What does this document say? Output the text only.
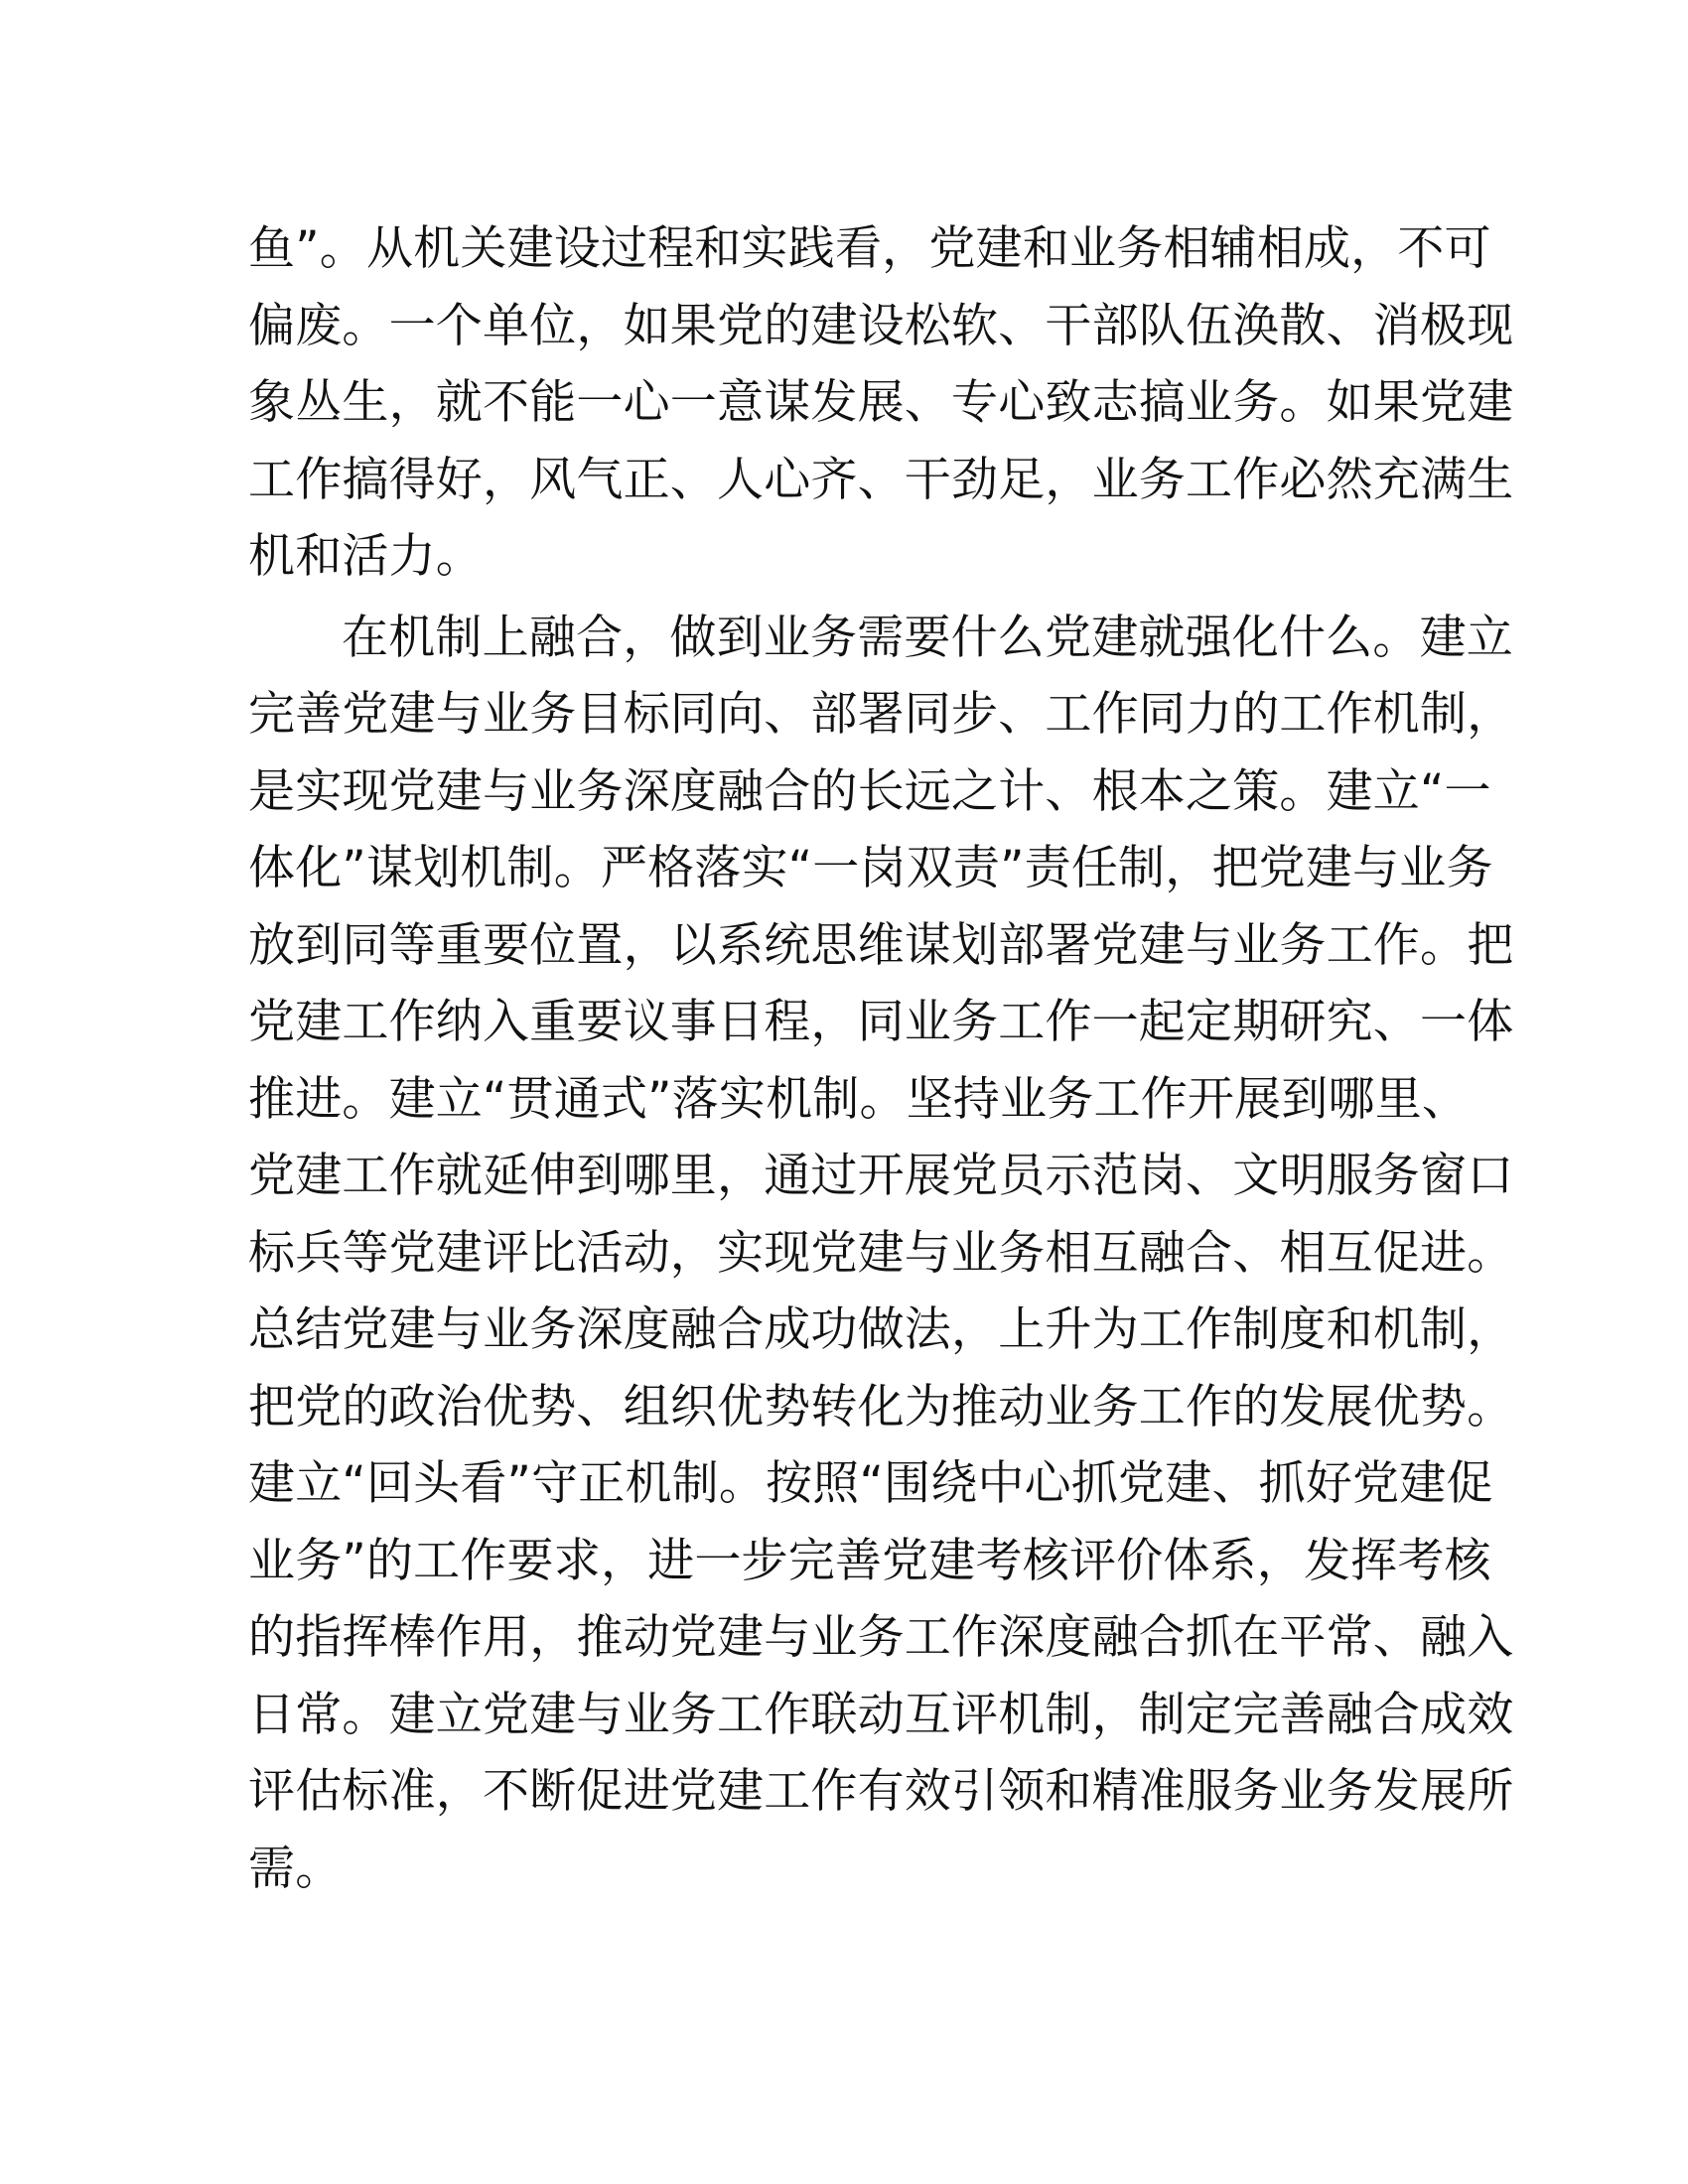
鱼”。从机关建设过程和实践看，党建和业务相辅相成，不可
偏废。一个单位，如果党的建设松软、干部队伍涣散、消极现
象丛生，就不能一心一意谋发展、专心致志搞业务。如果党建
工作搞得好，风气正、人心齐、干劲足，业务工作必然充满生
机和活力。
在机制上融合，做到业务需要什么党建就强化什么。建立
完善党建与业务目标同向、部署同步、工作同力的工作机制，
是实现党建与业务深度融合的长远之计、根本之策。建立“一
体化”谋划机制。严格落实“一岗双责”责任制，把党建与业务
放到同等重要位置，以系统思维谋划部署党建与业务工作。把
党建工作纳入重要议事日程，同业务工作一起定期研究、一体
推进。建立“贯通式”落实机制。坚持业务工作开展到哪里、
党建工作就延伸到哪里，通过开展党员示范岗、文明服务窗口
标兵等党建评比活动，实现党建与业务相互融合、相互促进。
总结党建与业务深度融合成功做法，上升为工作制度和机制，
把党的政治优势、组织优势转化为推动业务工作的发展优势。
建立“回头看”守正机制。按照“围绕中心抓党建、抓好党建促
业务”的工作要求，进一步完善党建考核评价体系，发挥考核
的指挥棒作用，推动党建与业务工作深度融合抓在平常、融入
日常。建立党建与业务工作联动互评机制，制定完善融合成效
评估标准，不断促进党建工作有效引领和精准服务业务发展所
需。
